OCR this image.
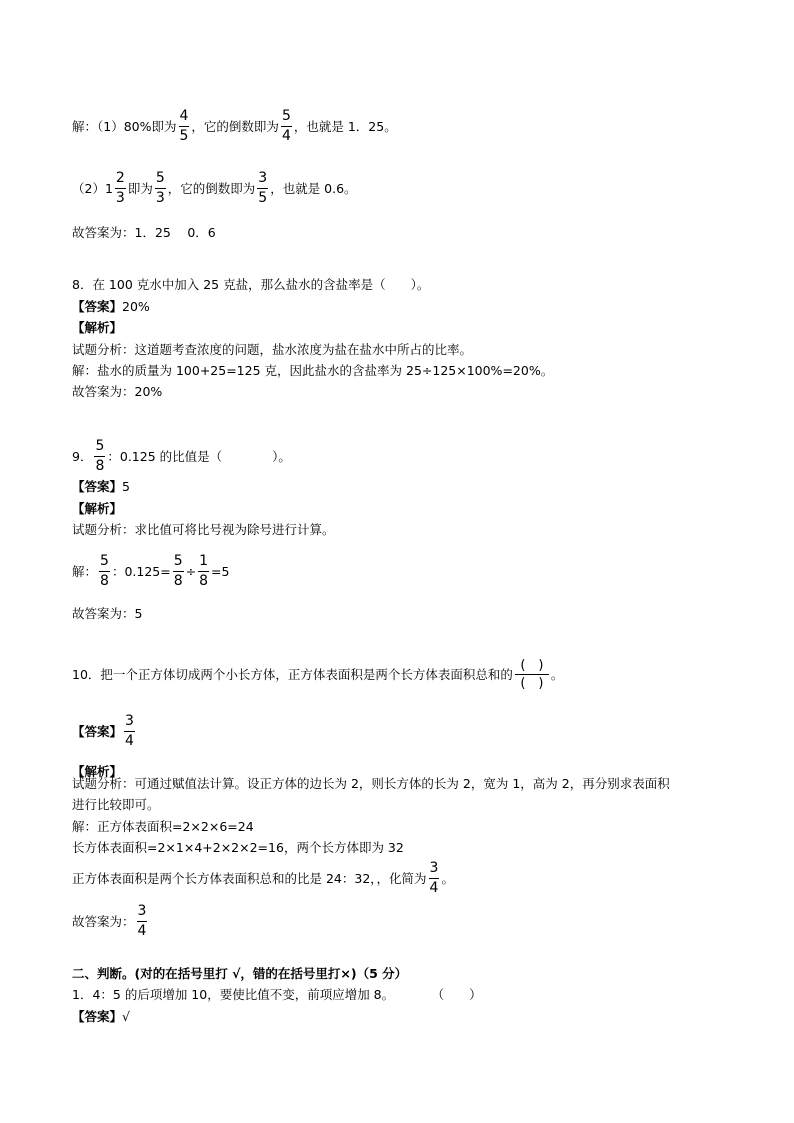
解：（1）80%即为 $\frac{4}{5}$ ，它的倒数即为 $\frac{5}{4}$ ，也就是 1．25。
$(2)1 \frac{2}{3}$ 即为 $\frac{5}{3}$ ，它的倒数即为 $\frac{3}{5}$ ，也就是 0.6。
故答案为：1．25　 0．6
8．在 100 克水中加入 25 克盐，那么盐水的含盐率是（　　）。
【答案】 20%
【解析】
试题分析：这道题考查浓度的问题，盐水浓度为盐在盐水中所占的比率。
解：盐水的质量为 100+25=125 克，因此盐水的含盐率为 25÷125×100%=20%。
故答案为：20%
9． $\frac{5}{8}$ ：0.125 的比值是（　　　　）。
【答案】 5
【解析】
试题分析：求比值可将比号视为除号进行计算。
解： $\frac{5}{8}$ ：$0.125= \frac{5}{8} \div \frac{1}{8} =5$
故答案为：5
10．把一个正方体切成两个小长方体，正方体表面积是两个长方体表面积总和的 $\frac{( )}{( )}$ 。
【答案】 $\frac{3}{4}$
【解析】
试题分析：可通过赋值法计算。设正方体的边长为 2，则长方体的长为 2，宽为 1，高为 2，再分别求表面积
进行比较即可。
解：正方体表面积=2×2×6=24
长方体表面积=2×1×4+2×2×2=16，两个长方体即为 32
正方体表面积是两个长方体表面积总和的比是 24：32，，化简为 $\frac{3}{4}$ 。
故答案为： $\frac{3}{4}$
二、判断。(对的在括号里打 √，错的在括号里打×)（5 分）
1．4：5 的后项增加 10，要使比值不变，前项应增加 8。　　　　（　　）
【答案】 √
